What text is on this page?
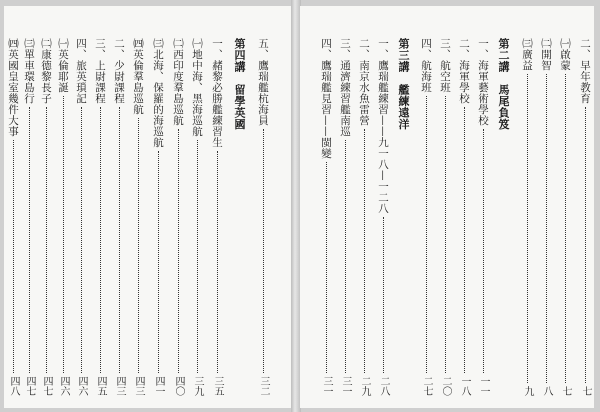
五、鷹瑞艦杭海員
三二
第四講　留學英國
一、赭黎必勝艦練習生
三五
㈠地中海、黑海巡航
三九
㈡西印度羣島巡航
四〇
㈢北海、保羅的海巡航
四一
㈣英倫羣島巡航
四三
二、少尉課程
四三
三、上尉課程
四五
四、旅英瑣記
四六
㈠英倫耶誕
四六
㈡康德黎長子
四七
㈢單車環島行
四七
㈣英國皇室幾件大事
四八
二、早年教育
七
㈠啟蒙
七
㈡開智
八
㈢廣益
九
第二講　馬尾負笈
一、海軍藝術學校
一一
二、海軍學校
一八
三、航空班
二〇
四、航海班
二七
第三講　艦練遠洋
一、鷹瑞艦練習——九一八—一二八
二八
二、南京水魚雷營
二九
三、通濟練習艦南巡
三一
四、鷹瑞艦見習——閩變
三一
